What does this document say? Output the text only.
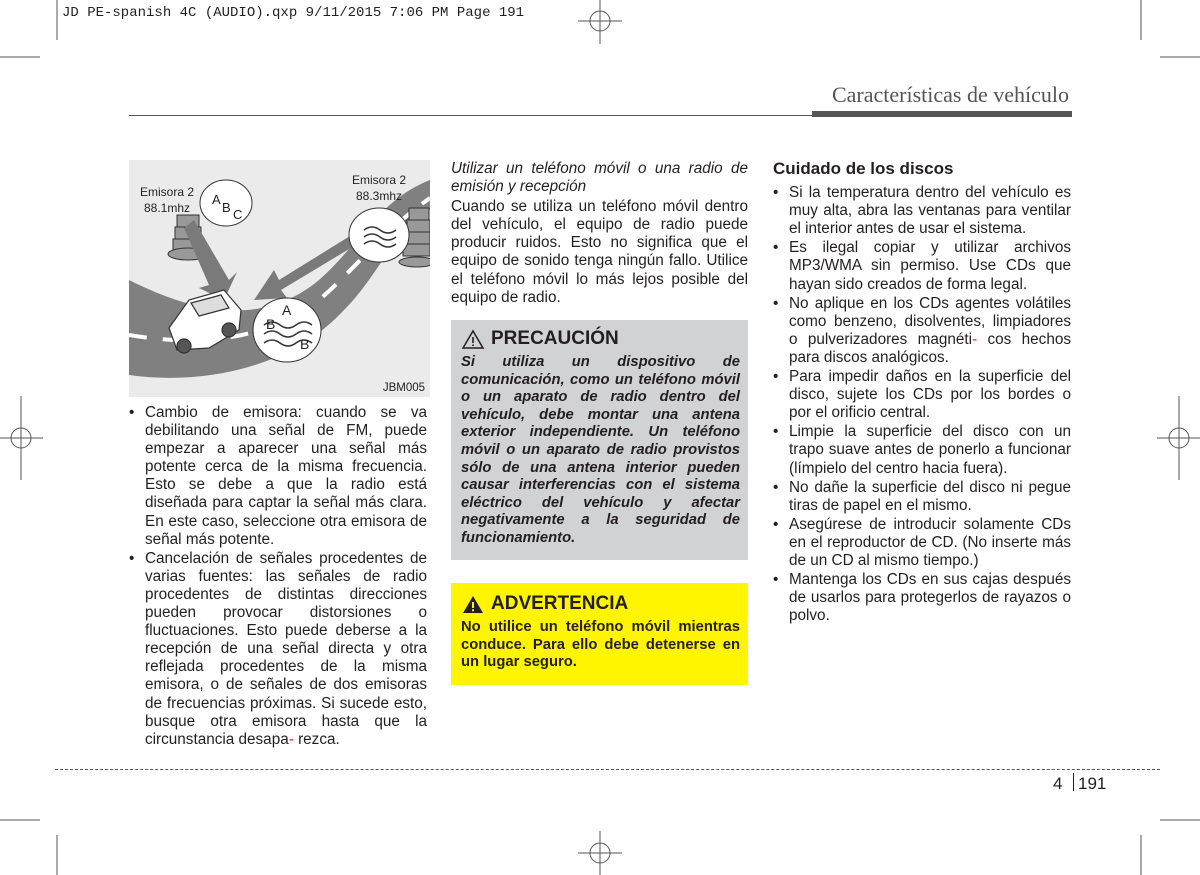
JD PE-spanish 4C (AUDIO).qxp 9/11/2015 7:06 PM Page 191
Características de vehículo
Emisora 2
88.1mhz
Emisora 2
88.3mhz
A
B C
A
B
B
JBM005
• Cambio de emisora: cuando se va debilitando una señal de FM, puede empezar a aparecer una señal más potente cerca de la misma frecuencia. Esto se debe a que la radio está diseñada para captar la señal más clara. En este caso, seleccione otra emisora de señal más potente.
• Cancelación de señales procedentes de varias fuentes: las señales de radio procedentes de distintas direcciones pueden provocar distorsiones o fluctuaciones. Esto puede deberse a la recepción de una señal directa y otra reflejada procedentes de la misma emisora, o de señales de dos emisoras de frecuencias próximas. Si sucede esto, busque otra emisora hasta que la circunstancia desapa- rezca.

Utilizar un teléfono móvil o una radio de emisión y recepción

Cuando se utiliza un teléfono móvil dentro del vehículo, el equipo de radio puede producir ruidos. Esto no significa que el equipo de sonido tenga ningún fallo. Utilice el teléfono móvil lo más lejos posible del equipo de radio.

PRECAUCIÓN

Si utiliza un dispositivo de comunicación, como un teléfono móvil o un aparato de radio dentro del vehículo, debe montar una antena exterior independiente. Un teléfono móvil o un aparato de radio provistos sólo de una antena interior pueden causar interferencias con el sistema eléctrico del vehículo y afectar negativamente a la seguridad de funcionamiento.

ADVERTENCIA

No utilice un teléfono móvil mientras conduce. Para ello debe detenerse en un lugar seguro.

Cuidado de los discos
• Si la temperatura dentro del vehículo es muy alta, abra las ventanas para ventilar el interior antes de usar el sistema.
• Es ilegal copiar y utilizar archivos MP3/WMA sin permiso. Use CDs que hayan sido creados de forma legal.
• No aplique en los CDs agentes volátiles como benzeno, disolventes, limpiadores o pulverizadores magnéti- cos hechos para discos analógicos.
• Para impedir daños en la superficie del disco, sujete los CDs por los bordes o por el orificio central.
• Limpie la superficie del disco con un trapo suave antes de ponerlo a funcionar (límpielo del centro hacia fuera).
• No dañe la superficie del disco ni pegue tiras de papel en el mismo.
• Asegúrese de introducir solamente CDs en el reproductor de CD. (No inserte más de un CD al mismo tiempo.)
• Mantenga los CDs en sus cajas después de usarlos para protegerlos de rayazos o polvo.
4 191
